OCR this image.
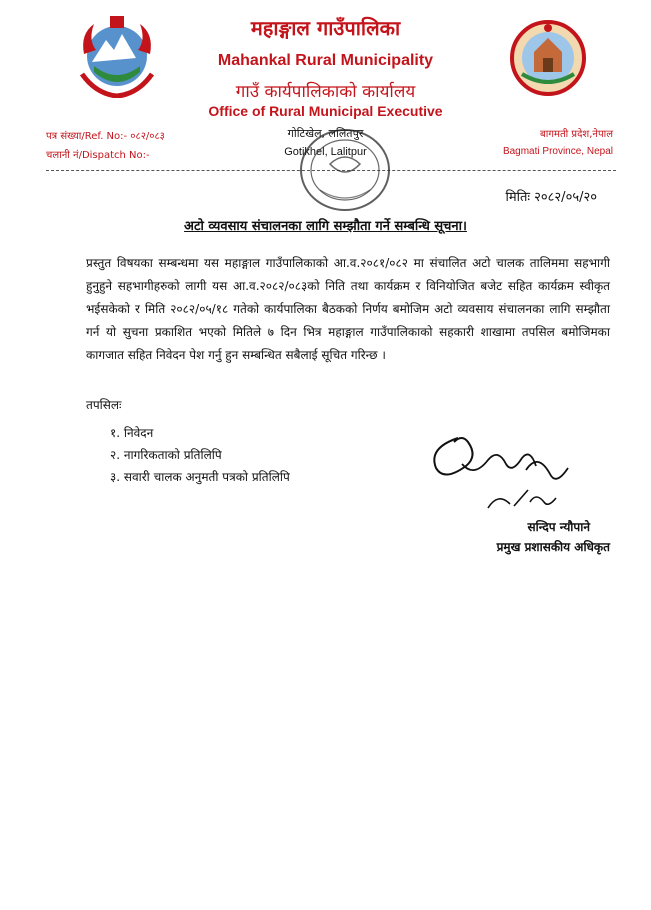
महाङ्गाल गाउँपालिका
Mahankal Rural Municipality
गाउँ कार्यपालिकाको कार्यालय
Office of Rural Municipal Executive
गोटिखेल, ललितपुर
Gotikhel, Lalitpur
पत्र संख्या/Ref. No:- ०८२/०८३
चलानी नं/Dispatch No:-
बागमती प्रदेश,नेपाल
Bagmati Province, Nepal
मितिः २०८२/०५/२०
अटो व्यवसाय संचालनका लागि सम्झौता गर्ने सम्बन्धि सूचना।
प्रस्तुत विषयका सम्बन्धमा यस महाङ्गाल गाउँपालिकाको आ.व.२०८१/०८२ मा संचालित अटो चालक तालिममा सहभागी हुनुहुने सहभागीहरुको लागी यस आ.व.२०८२/०८३को निति तथा कार्यक्रम र विनियोजित बजेट सहित कार्यक्रम स्वीकृत भईसकेको र मिति २०८२/०५/१८ गतेको कार्यपालिका बैठकको निर्णय बमोजिम अटो व्यवसाय संचालनका लागि सम्झौता गर्न यो सुचना प्रकाशित भएको मितिले ७ दिन भित्र महाङ्गाल गाउँपालिकाको सहकारी शाखामा तपसिल बमोजिमका कागजात सहित निवेदन पेश गर्नु हुन सम्बन्धित सबैलाई सूचित गरिन्छ ।
तपसिलः
१. निवेदन
२. नागरिकताको प्रतिलिपि
३. सवारी चालक अनुमती पत्रको प्रतिलिपि
सन्दिप न्यौपाने
प्रमुख प्रशासकीय अधिकृत
